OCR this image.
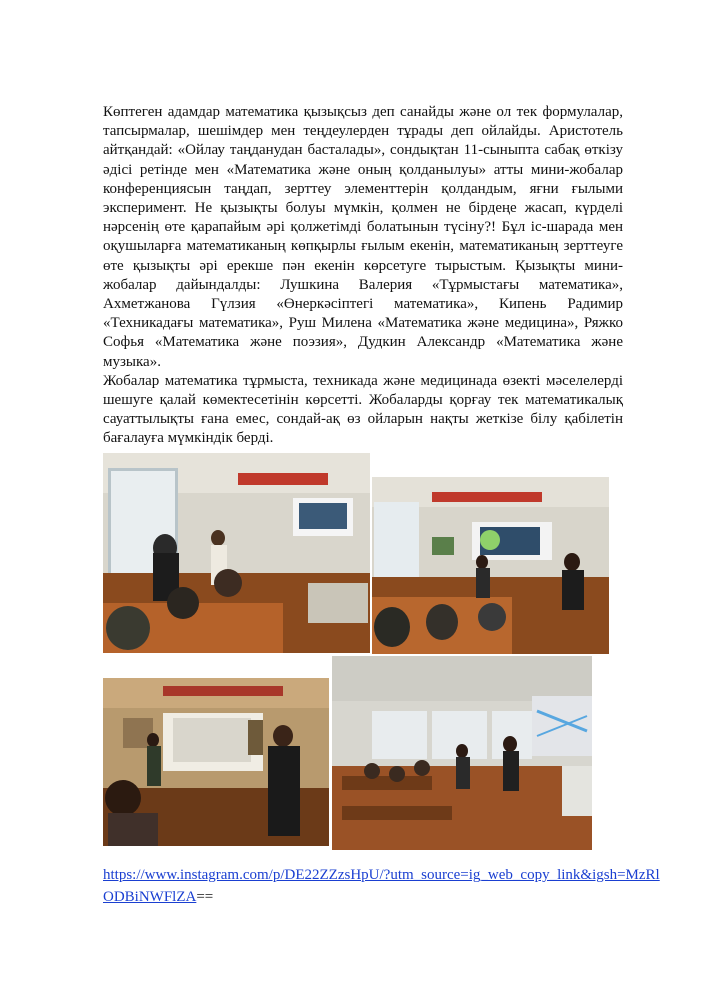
Көптеген адамдар математика қызықсыз деп санайды және ол тек формулалар, тапсырмалар, шешімдер мен теңдеулерден тұрады деп ойлайды. Аристотель айтқандай: «Ойлау таңданудан басталады», сондықтан 11-сыныпта сабақ өткізу әдісі ретінде мен «Математика және оның қолданылуы» атты мини-жобалар конференциясын таңдап, зерттеу элементтерін қолдандым, яғни ғылыми эксперимент. Не қызықты болуы мүмкін, қолмен не бірдеңе жасап, күрделі нәрсенің өте қарапайым әрі қолжетімді болатынын түсіну?! Бұл іс-шарада мен оқушыларға математиканың көпқырлы ғылым екенін, математиканың зерттеуге өте қызықты әрі ерекше пән екенін көрсетуге тырыстым. Қызықты мини-жобалар дайындалды: Лушкина Валерия «Тұрмыстағы математика», Ахметжанова Гүлзия «Өнеркәсіптегі математика», Кипень Радимир «Техникадағы математика», Руш Милена «Математика және медицина», Ряжко Софья «Математика және поэзия», Дудкин Александр «Математика және музыка».

Жобалар математика тұрмыста, техникада және медицинада өзекті мәселелерді шешуге қалай көмектесетінін көрсетті. Жобаларды қорғау тек математикалық сауаттылықты ғана емес, сондай-ақ өз ойларын нақты жеткізе білу қабілетін бағалауға мүмкіндік берді.

https://www.instagram.com/p/DE22ZZzsHpU/?utm_source=ig_web_copy_link&igsh=MzRlODBiNWFlZA==
